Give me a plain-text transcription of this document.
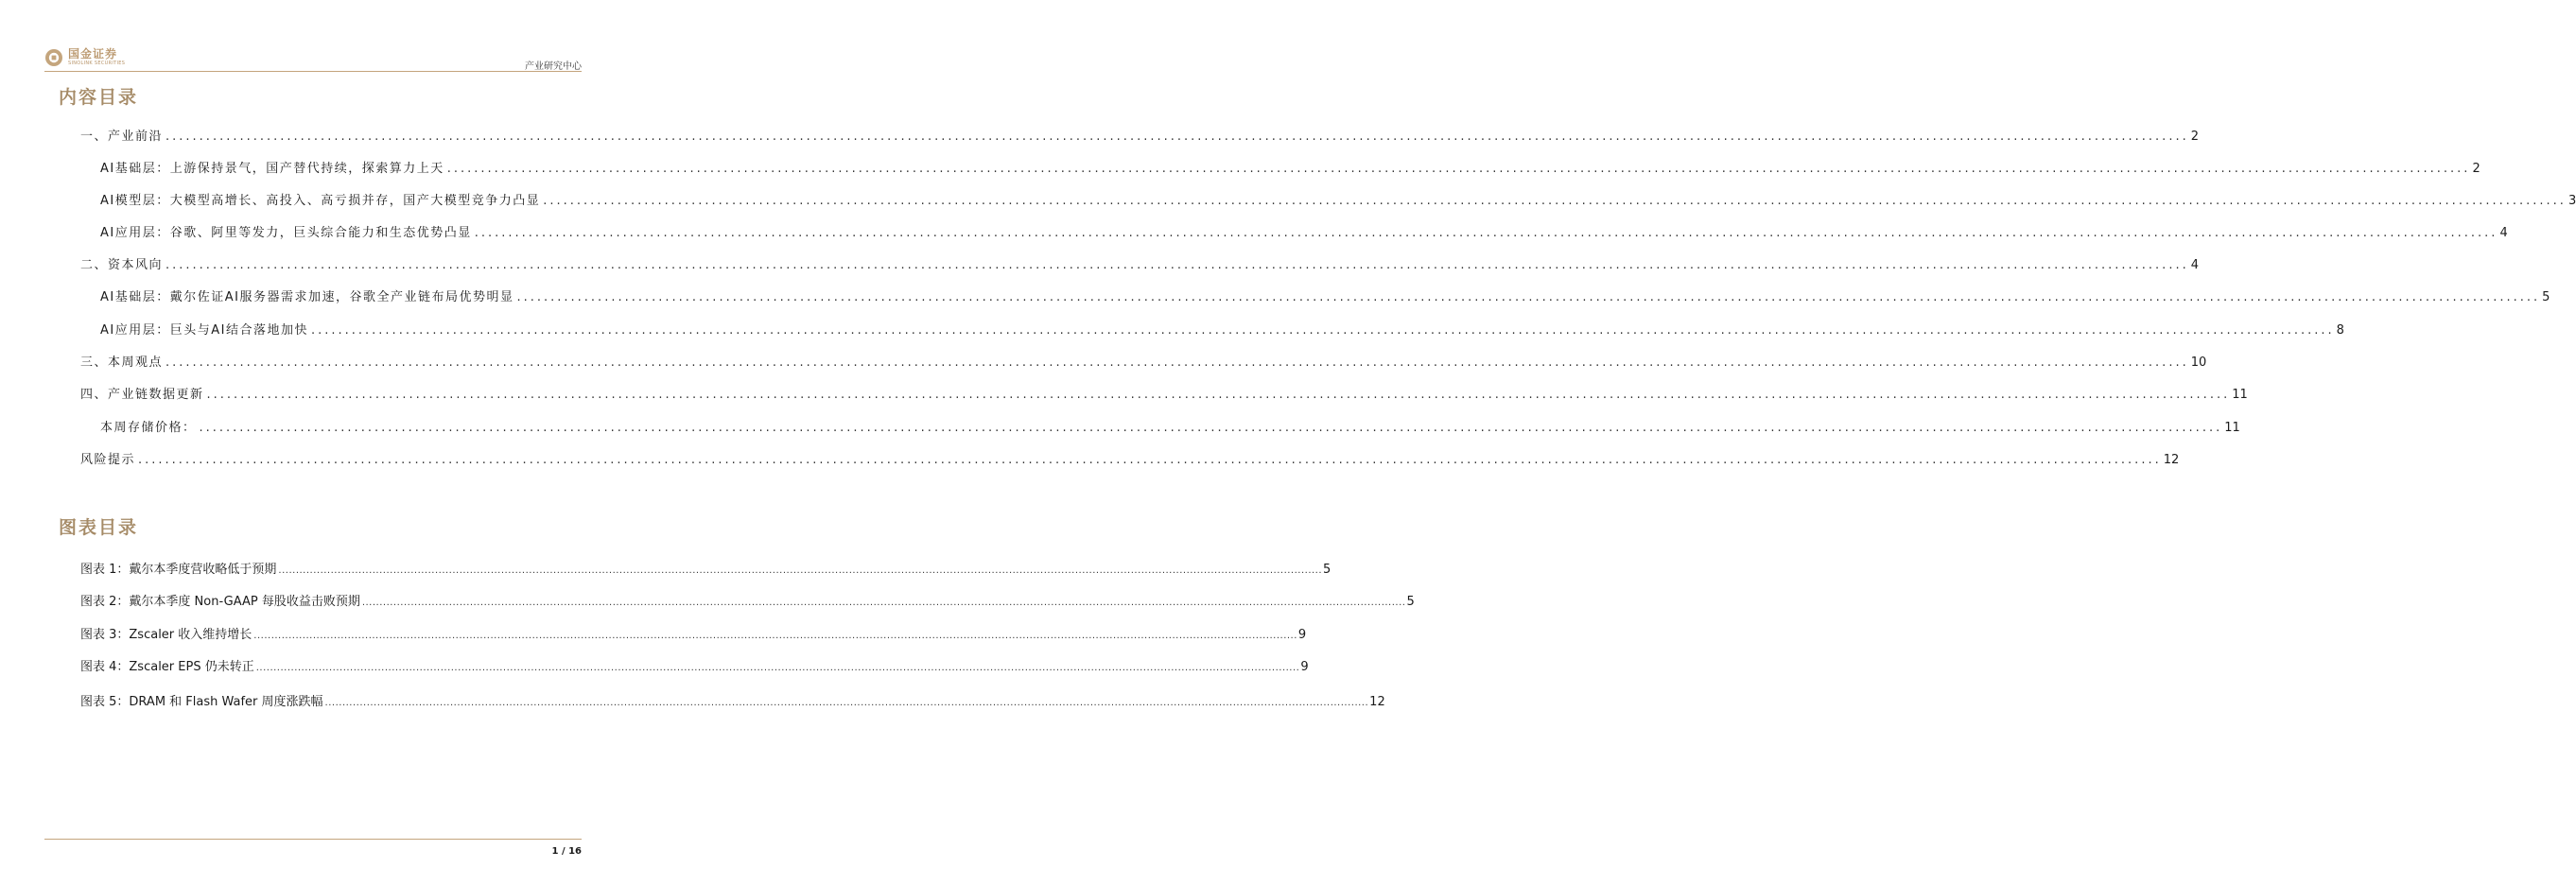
国金证券
SINOLINK SECURITIES	产业研究中心
内容目录
一、产业前沿 ............................................................................................................................................................................................................................................................................................................ 2
AI基础层：上游保持景气，国产替代持续，探索算力上天 ............................................................................................................................................................................................................................................................................................................ 2
AI模型层：大模型高增长、高投入、高亏损并存，国产大模型竞争力凸显 ............................................................................................................................................................................................................................................................................................................ 3
AI应用层：谷歌、阿里等发力，巨头综合能力和生态优势凸显 ............................................................................................................................................................................................................................................................................................................ 4
二、资本风向 ............................................................................................................................................................................................................................................................................................................ 4
AI基础层：戴尔佐证AI服务器需求加速，谷歌全产业链布局优势明显 ............................................................................................................................................................................................................................................................................................................ 5
AI应用层：巨头与AI结合落地加快 ............................................................................................................................................................................................................................................................................................................ 8
三、本周观点 ............................................................................................................................................................................................................................................................................................................ 10
四、产业链数据更新 ............................................................................................................................................................................................................................................................................................................ 11
本周存储价格： ............................................................................................................................................................................................................................................................................................................ 11
风险提示 ............................................................................................................................................................................................................................................................................................................ 12
图表目录
图表 1： 戴尔本季度营收略低于预期 ............................................................................................................................................................................................................................................................................................................ 5
图表 2： 戴尔本季度 Non-GAAP 每股收益击败预期 ............................................................................................................................................................................................................................................................................................................ 5
图表 3： Zscaler 收入维持增长 ............................................................................................................................................................................................................................................................................................................ 9
图表 4： Zscaler EPS 仍未转正 ............................................................................................................................................................................................................................................................................................................ 9
图表 5： DRAM 和 Flash Wafer 周度涨跌幅 ............................................................................................................................................................................................................................................................................................................ 12
1 / 16
